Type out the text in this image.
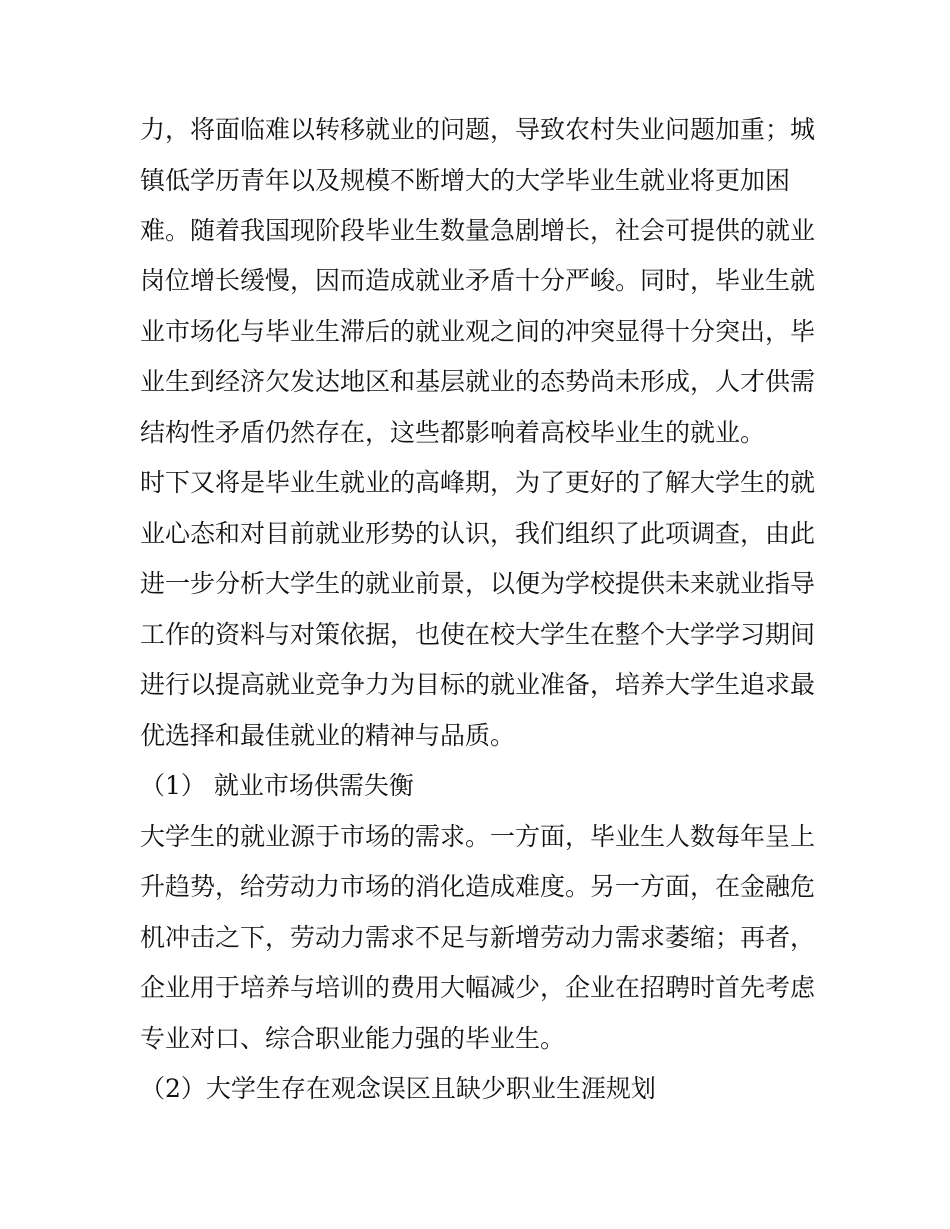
力，将面临难以转移就业的问题，导致农村失业问题加重；城
镇低学历青年以及规模不断增大的大学毕业生就业将更加困
难。随着我国现阶段毕业生数量急剧增长，社会可提供的就业
岗位增长缓慢，因而造成就业矛盾十分严峻。同时，毕业生就
业市场化与毕业生滞后的就业观之间的冲突显得十分突出，毕
业生到经济欠发达地区和基层就业的态势尚未形成，人才供需
结构性矛盾仍然存在，这些都影响着高校毕业生的就业。
时下又将是毕业生就业的高峰期，为了更好的了解大学生的就
业心态和对目前就业形势的认识，我们组织了此项调查，由此
进一步分析大学生的就业前景，以便为学校提供未来就业指导
工作的资料与对策依据，也使在校大学生在整个大学学习期间
进行以提高就业竞争力为目标的就业准备，培养大学生追求最
优选择和最佳就业的精神与品质。
（1） 就业市场供需失衡
大学生的就业源于市场的需求。一方面，毕业生人数每年呈上
升趋势，给劳动力市场的消化造成难度。另一方面，在金融危
机冲击之下，劳动力需求不足与新增劳动力需求萎缩；再者，
企业用于培养与培训的费用大幅减少，企业在招聘时首先考虑
专业对口、综合职业能力强的毕业生。
（2）大学生存在观念误区且缺少职业生涯规划
